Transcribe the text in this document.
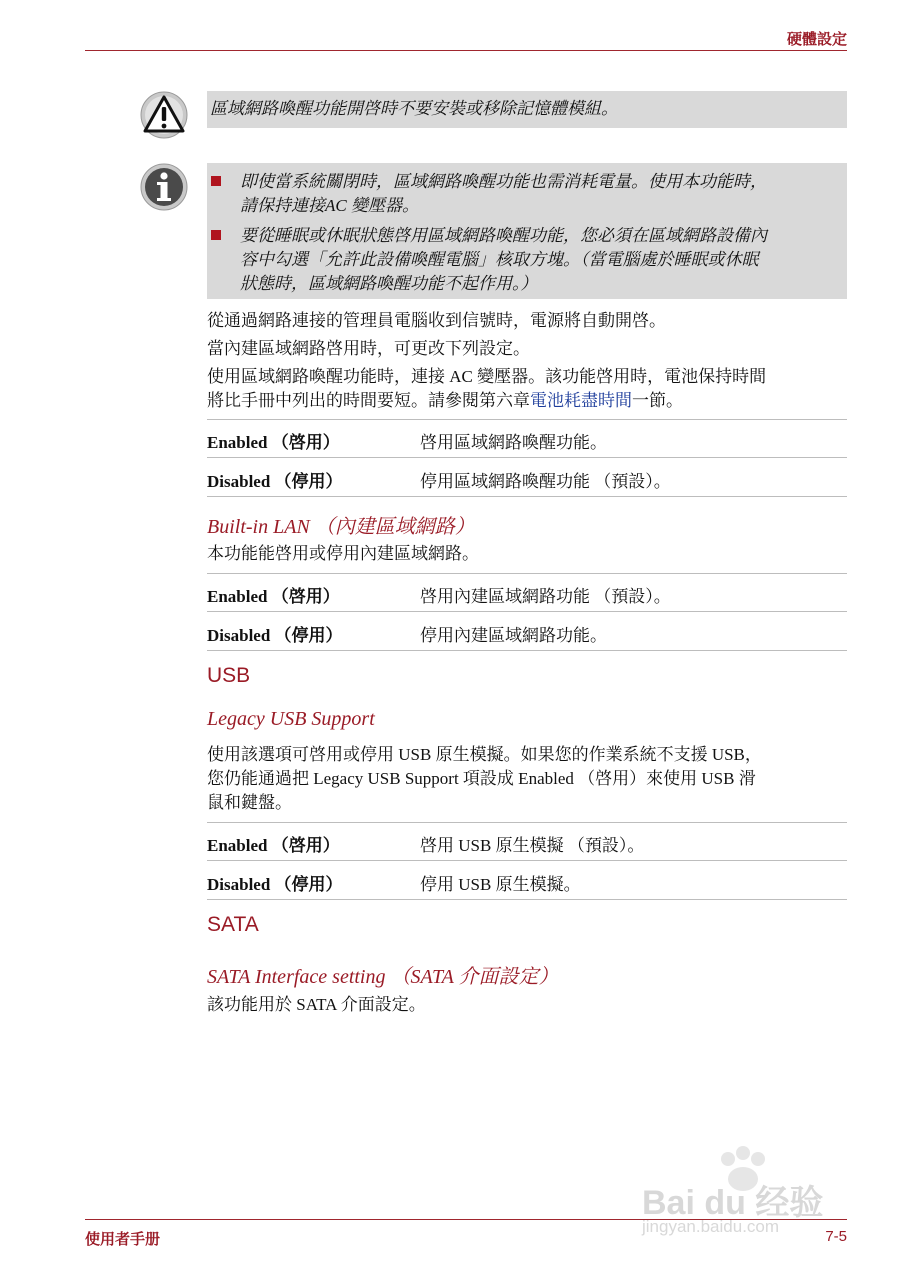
硬體設定
區域網路喚醒功能開啓時不要安裝或移除記憶體模組。
即使當系統關閉時，區域網路喚醒功能也需消耗電量。使用本功能時，
請保持連接AC 變壓器。
要從睡眠或休眠狀態啓用區域網路喚醒功能，您必須在區域網路設備內
容中勾選「允許此設備喚醒電腦」核取方塊。（當電腦處於睡眠或休眠
狀態時，區域網路喚醒功能不起作用。）
從通過網路連接的管理員電腦收到信號時，電源將自動開啓。
當內建區域網路啓用時，可更改下列設定。
使用區域網路喚醒功能時，連接 AC 變壓器。該功能啓用時，電池保持時間
將比手冊中列出的時間要短。請參閱第六章電池耗盡時間一節。
Enabled （啓用）	啓用區域網路喚醒功能。
Disabled （停用）	停用區域網路喚醒功能 （預設）。
Built-in LAN （內建區域網路）
本功能能啓用或停用內建區域網路。
Enabled （啓用）	啓用內建區域網路功能 （預設）。
Disabled （停用）	停用內建區域網路功能。
USB
Legacy USB Support
使用該選項可啓用或停用 USB 原生模擬。如果您的作業系統不支援 USB，
您仍能通過把 Legacy USB Support 項設成 Enabled （啓用）來使用 USB 滑
鼠和鍵盤。
Enabled （啓用）	啓用 USB 原生模擬 （預設）。
Disabled （停用）	停用 USB 原生模擬。
SATA
SATA Interface setting （SATA 介面設定）
該功能用於 SATA 介面設定。
Bai du 经验
jingyan.baidu.com
使用者手册	7-5
